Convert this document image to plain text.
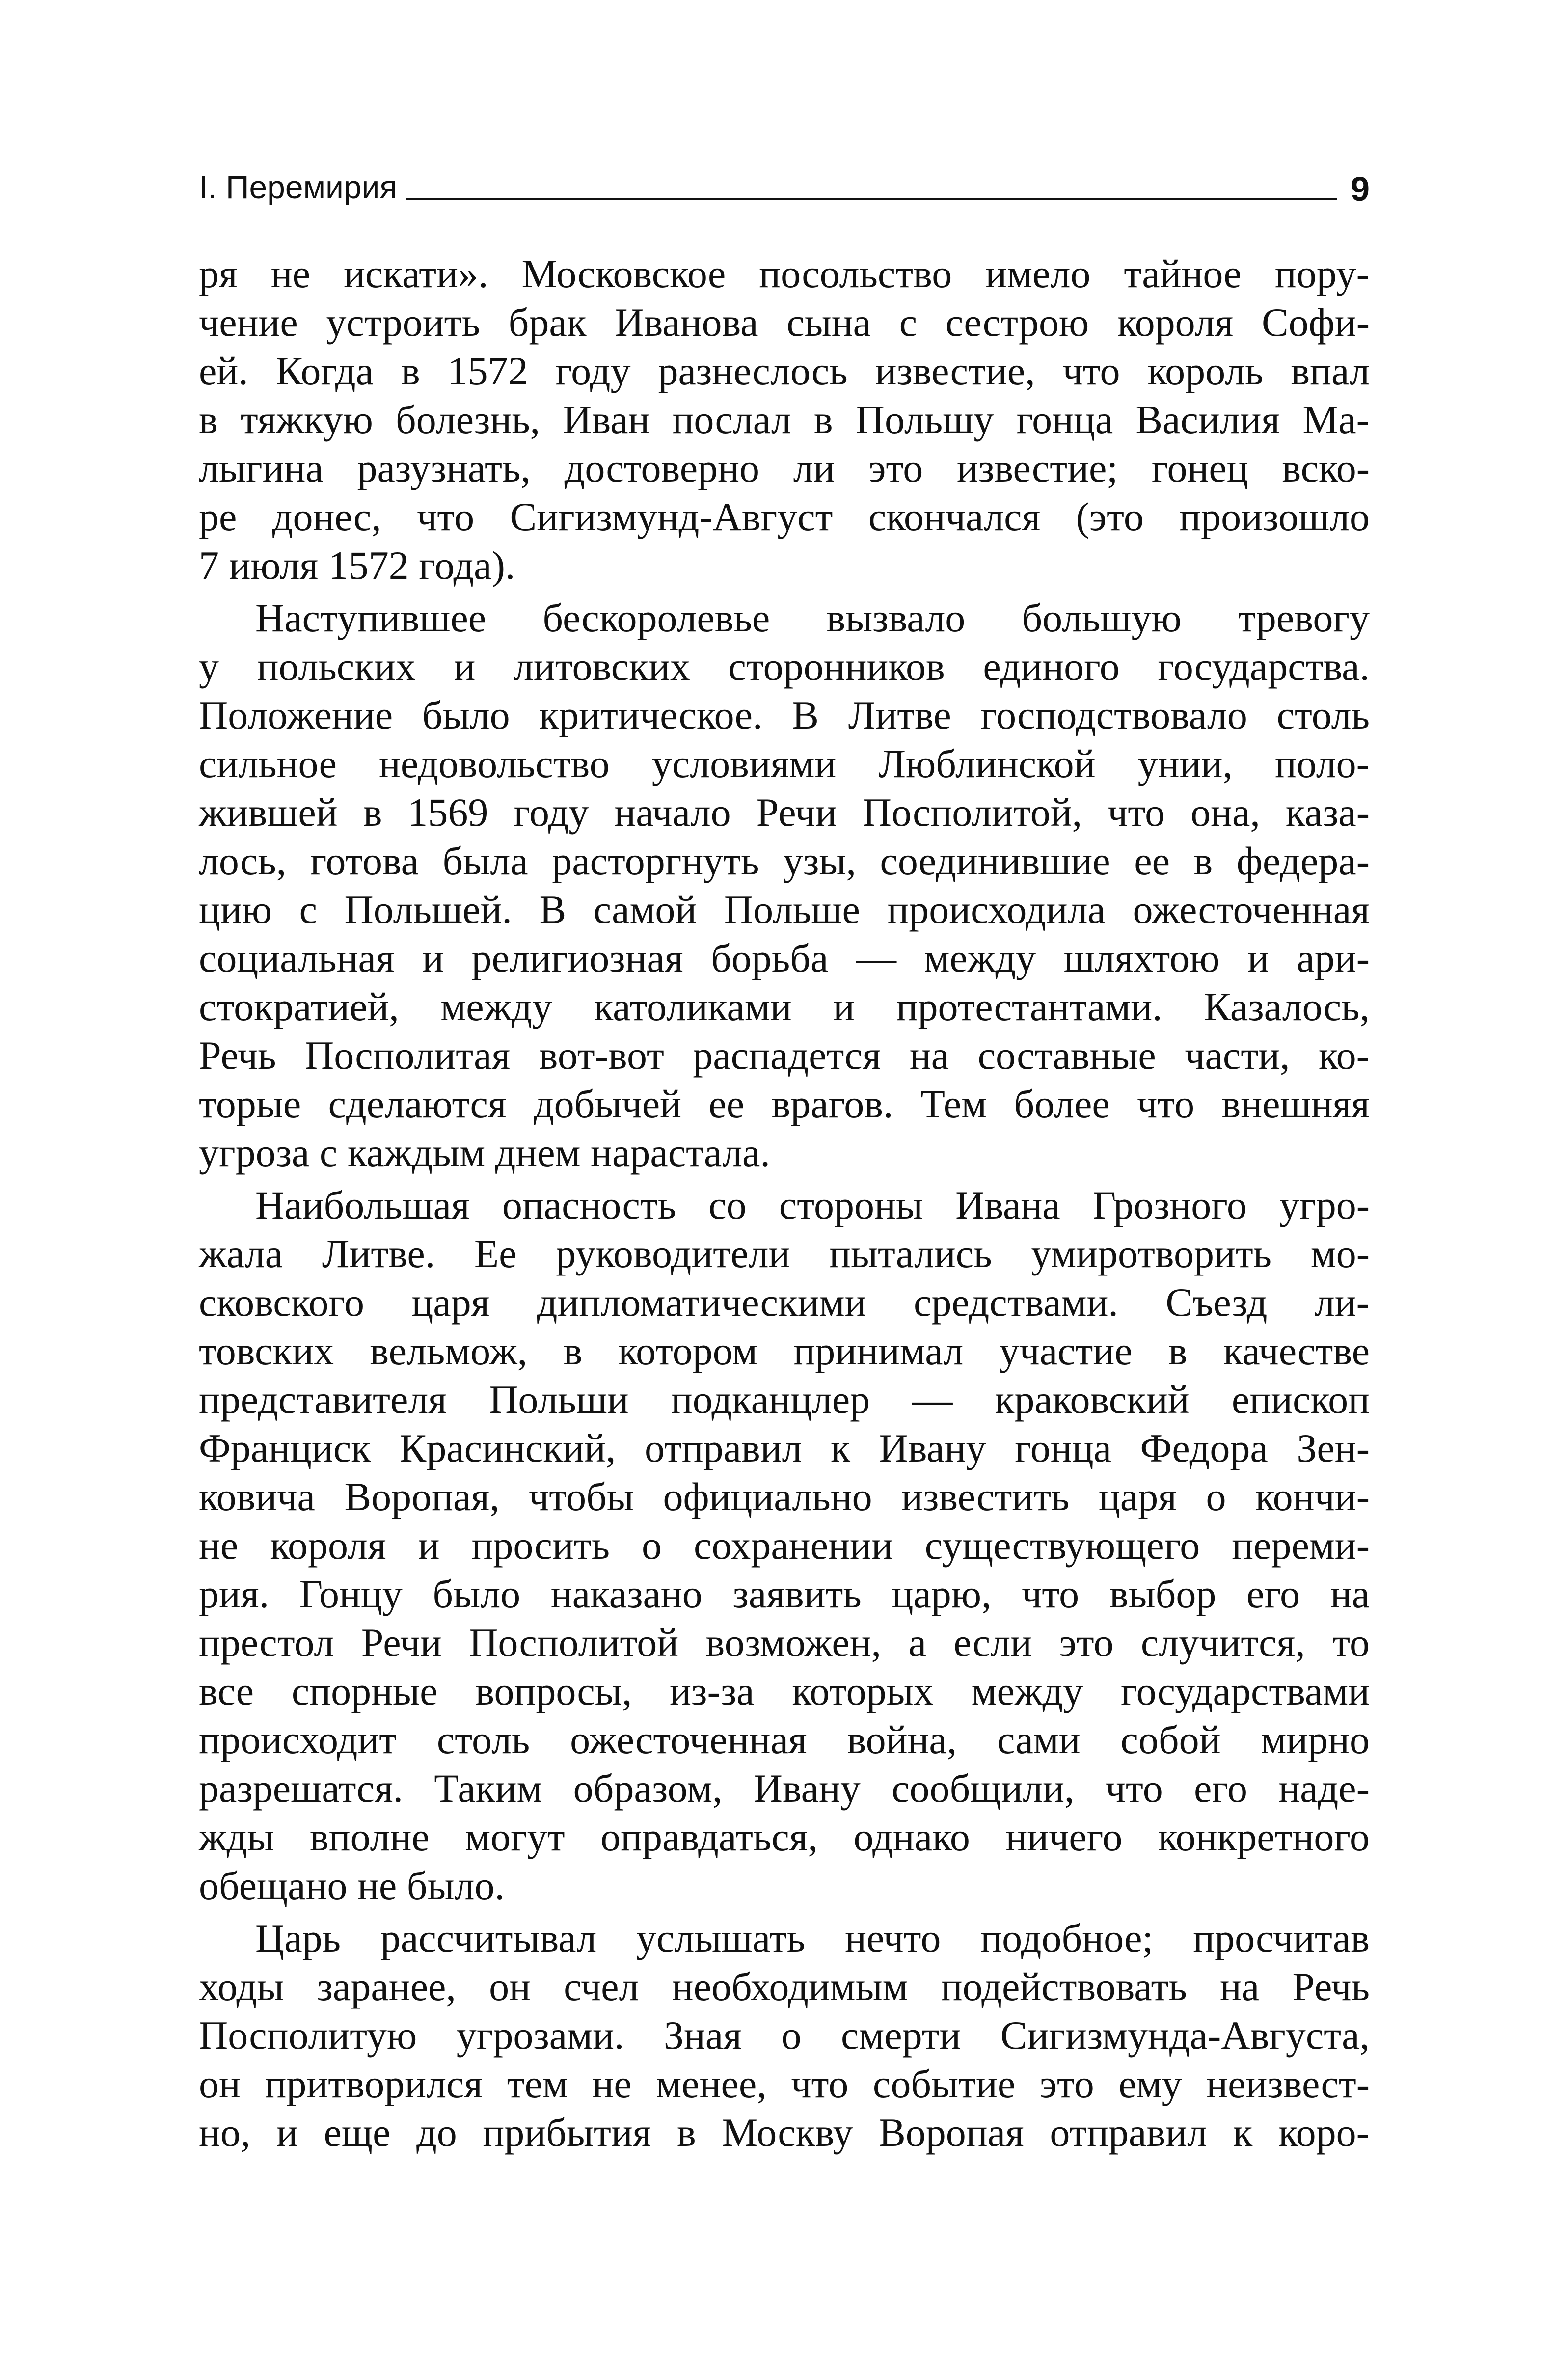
I. Перемирия	9
ря не искати». Московское посольство имело тайное пору-
чение устроить брак Иванова сына с сестрою короля Софи-
ей. Когда в 1572 году разнеслось известие, что король впал
в тяжкую болезнь, Иван послал в Польшу гонца Василия Ма-
лыгина разузнать, достоверно ли это известие; гонец вско-
ре донес, что Сигизмунд-Август скончался (это произошло
7 июля 1572 года).
Наступившее бескоролевье вызвало большую тревогу
у польских и литовских сторонников единого государства.
Положение было критическое. В Литве господствовало столь
сильное недовольство условиями Люблинской унии, поло-
жившей в 1569 году начало Речи Посполитой, что она, каза-
лось, готова была расторгнуть узы, соединившие ее в федера-
цию с Польшей. В самой Польше происходила ожесточенная
социальная и религиозная борьба — между шляхтою и ари-
стократией, между католиками и протестантами. Казалось,
Речь Посполитая вот-вот распадется на составные части, ко-
торые сделаются добычей ее врагов. Тем более что внешняя
угроза с каждым днем нарастала.
Наибольшая опасность со стороны Ивана Грозного угро-
жала Литве. Ее руководители пытались умиротворить мо-
сковского царя дипломатическими средствами. Съезд ли-
товских вельмож, в котором принимал участие в качестве
представителя Польши подканцлер — краковский епископ
Франциск Красинский, отправил к Ивану гонца Федора Зен-
ковича Воропая, чтобы официально известить царя о кончи-
не короля и просить о сохранении существующего переми-
рия. Гонцу было наказано заявить царю, что выбор его на
престол Речи Посполитой возможен, а если это случится, то
все спорные вопросы, из-за которых между государствами
происходит столь ожесточенная война, сами собой мирно
разрешатся. Таким образом, Ивану сообщили, что его наде-
жды вполне могут оправдаться, однако ничего конкретного
обещано не было.
Царь рассчитывал услышать нечто подобное; просчитав
ходы заранее, он счел необходимым подействовать на Речь
Посполитую угрозами. Зная о смерти Сигизмунда-Августа,
он притворился тем не менее, что событие это ему неизвест-
но, и еще до прибытия в Москву Воропая отправил к коро-
